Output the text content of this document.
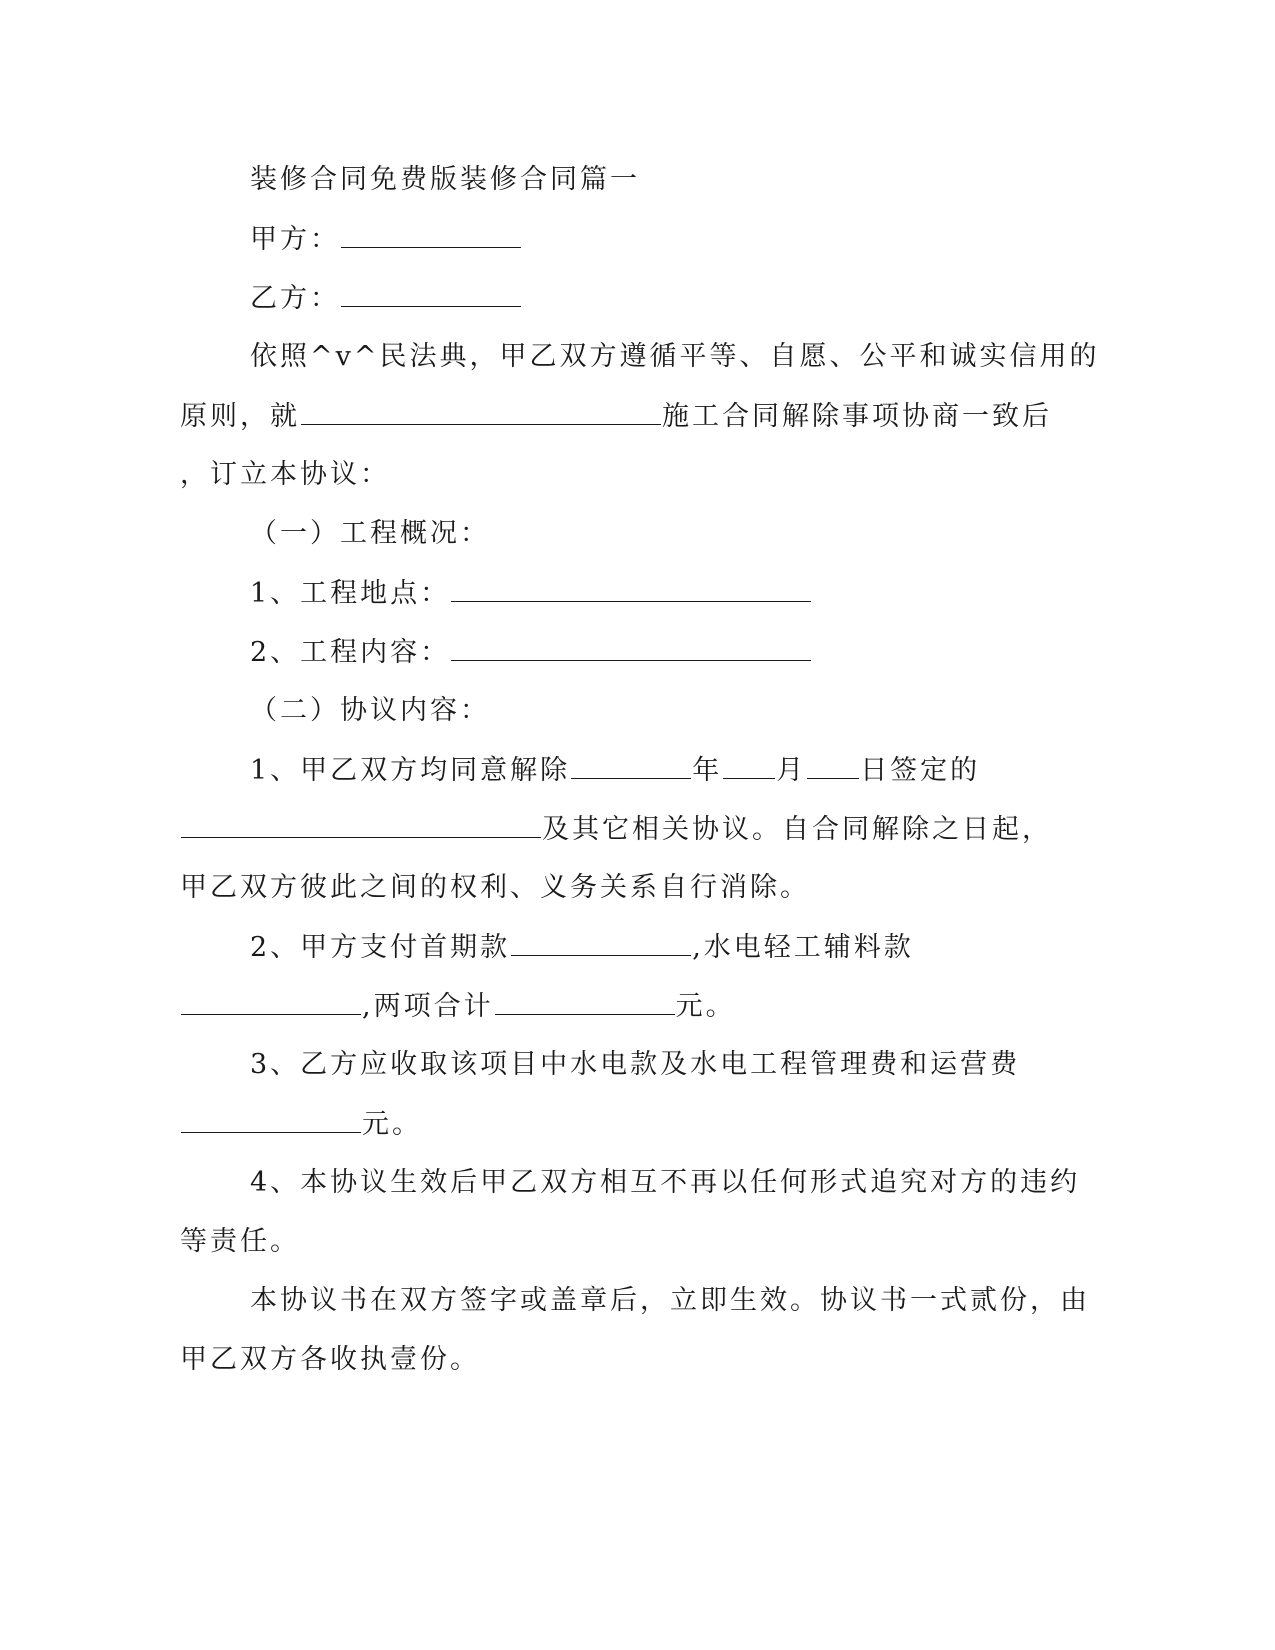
装修合同免费版装修合同篇一
甲方：
乙方：
依照^v^民法典，甲乙双方遵循平等、自愿、公平和诚实信用的
原则，就	施工合同解除事项协商一致后
，订立本协议：
（一）工程概况：
1、工程地点：
2、工程内容：
（二）协议内容：
1、甲乙双方均同意解除	年 月 日签定的
及其它相关协议。自合同解除之日起，
甲乙双方彼此之间的权利、义务关系自行消除。
2、甲方支付首期款	,水电轻工辅料款
,两项合计	元。
3、乙方应收取该项目中水电款及水电工程管理费和运营费
元。
4、本协议生效后甲乙双方相互不再以任何形式追究对方的违约
等责任。
本协议书在双方签字或盖章后，立即生效。协议书一式贰份，由
甲乙双方各收执壹份。
